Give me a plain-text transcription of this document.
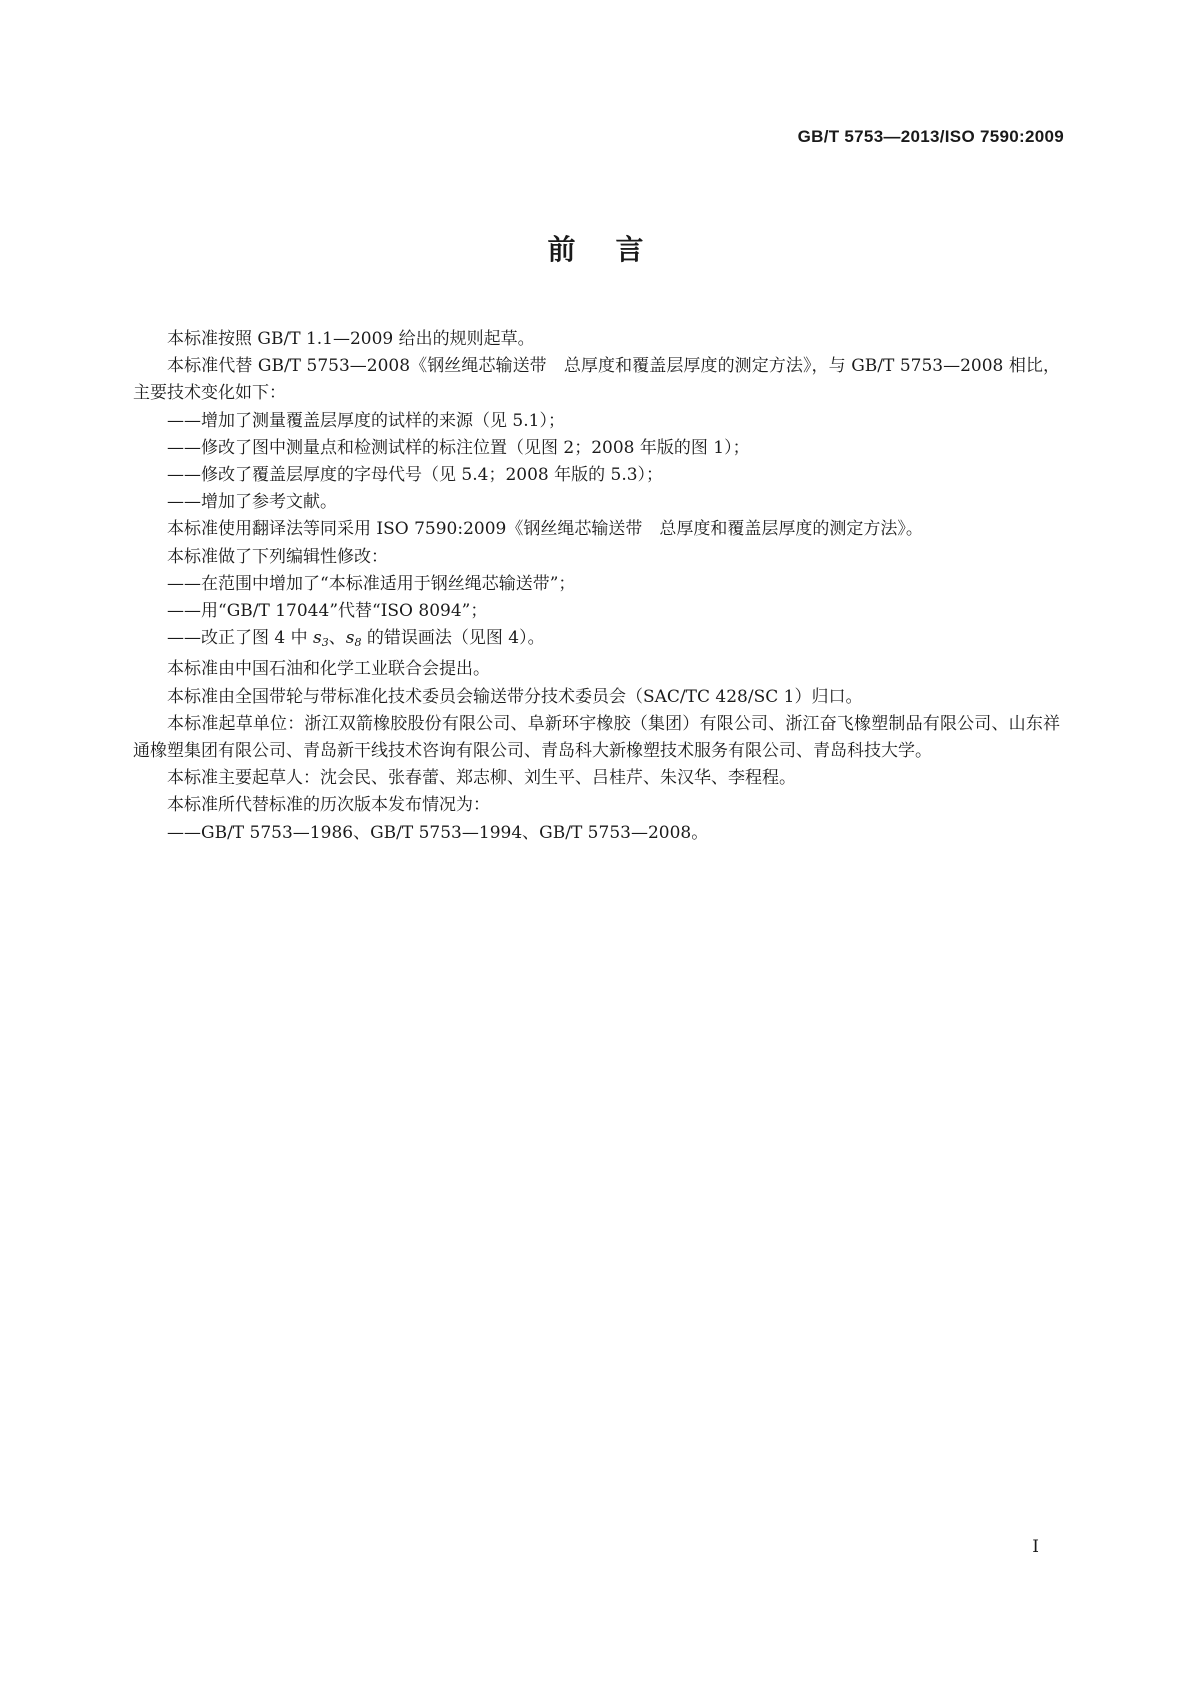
GB/T 5753—2013/ISO 7590:2009
前言

本标准按照 GB/T 1.1—2009 给出的规则起草。

本标准代替 GB/T 5753—2008《钢丝绳芯输送带　总厚度和覆盖层厚度的测定方法》，与 GB/T 5753—2008 相比，主要技术变化如下：

——增加了测量覆盖层厚度的试样的来源（见 5.1）；

——修改了图中测量点和检测试样的标注位置（见图 2；2008 年版的图 1）；

——修改了覆盖层厚度的字母代号（见 5.4；2008 年版的 5.3）；

——增加了参考文献。

本标准使用翻译法等同采用 ISO 7590:2009《钢丝绳芯输送带　总厚度和覆盖层厚度的测定方法》。

本标准做了下列编辑性修改：

——在范围中增加了“本标准适用于钢丝绳芯输送带”；

——用“GB/T 17044”代替“ISO 8094”；

——改正了图 4 中 $s_3$、$s_8$ 的错误画法（见图 4）。

本标准由中国石油和化学工业联合会提出。

本标准由全国带轮与带标准化技术委员会输送带分技术委员会（SAC/TC 428/SC 1）归口。

本标准起草单位：浙江双箭橡胶股份有限公司、阜新环宇橡胶（集团）有限公司、浙江奋飞橡塑制品有限公司、山东祥通橡塑集团有限公司、青岛新干线技术咨询有限公司、青岛科大新橡塑技术服务有限公司、青岛科技大学。

本标准主要起草人：沈会民、张春蕾、郑志柳、刘生平、吕桂芹、朱汉华、李程程。

本标准所代替标准的历次版本发布情况为：

——GB/T 5753—1986、GB/T 5753—1994、GB/T 5753—2008。

I
